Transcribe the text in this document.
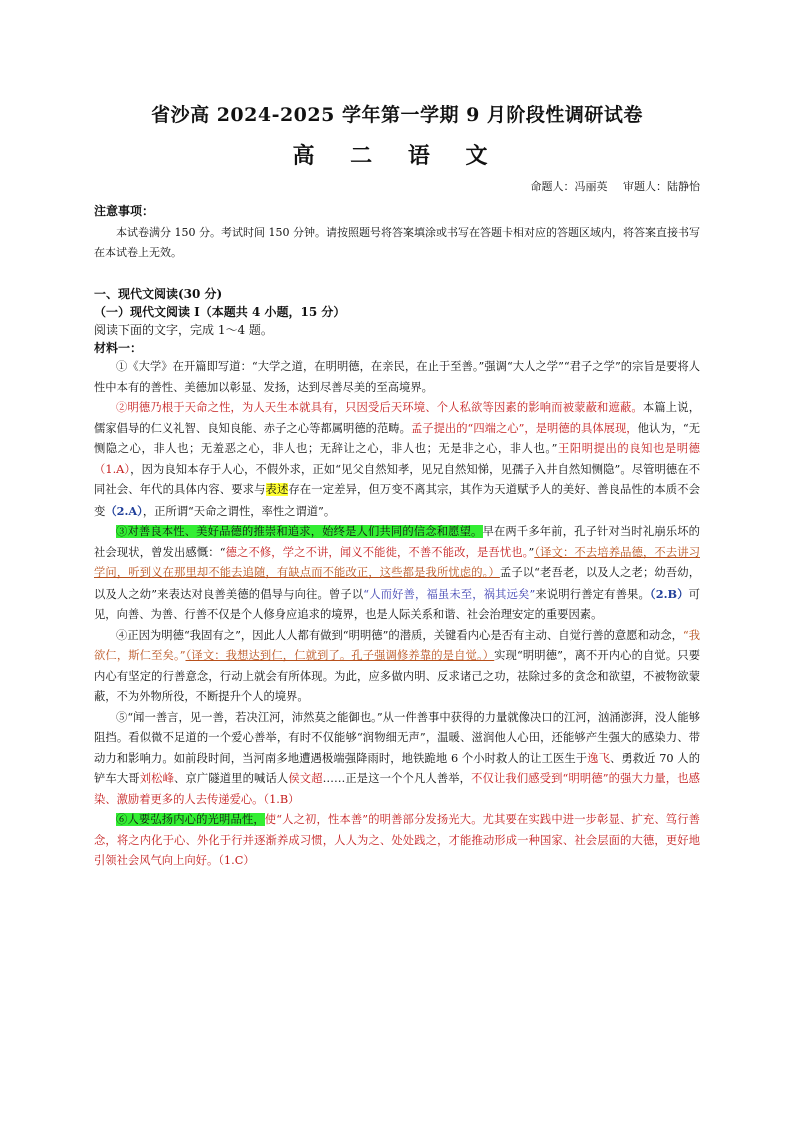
省沙高 2024-2025 学年第一学期 9 月阶段性调研试卷
高 二 语 文
命题人：冯丽英 审题人：陆静怡
注意事项：
本试卷满分 150 分。考试时间 150 分钟。请按照题号将答案填涂或书写在答题卡相对应的答题区域内，将答案直接书写在本试卷上无效。
一、现代文阅读(30 分)
（一）现代文阅读 I（本题共 4 小题，15 分）
阅读下面的文字，完成 1～4 题。
材料一：

①《大学》在开篇即写道：“大学之道，在明明德，在亲民，在止于至善。”强调“大人之学”“君子之学”的宗旨是要将人性中本有的善性、美德加以彰显、发扬，达到尽善尽美的至高境界。

②明德乃根于天命之性，为人天生本就具有，只因受后天环境、个人私欲等因素的影响而被蒙蔽和遮蔽。本篇上说，儒家倡导的仁义礼智、良知良能、赤子之心等都属明德的范畴。孟子提出的“四端之心”，是明德的具体展现，他认为，“无恻隐之心，非人也；无羞恶之心，非人也；无辞让之心，非人也；无是非之心，非人也。”王阳明提出的良知也是明德（1.A），因为良知本存于人心，不假外求，正如“见父自然知孝，见兄自然知悌，见孺子入井自然知恻隐”。尽管明德在不同社会、年代的具体内容、要求与表述存在一定差异，但万变不离其宗，其作为天道赋予人的美好、善良品性的本质不会变（2.A），正所谓“天命之谓性，率性之谓道”。

③对善良本性、美好品德的推崇和追求，始终是人们共同的信念和愿望。早在两千多年前，孔子针对当时礼崩乐坏的社会现状，曾发出感慨：“德之不修，学之不讲，闻义不能徙，不善不能改，是吾忧也。”（译文：不去培养品德，不去讲习学问，听到义在那里却不能去追随，有缺点而不能改正，这些都是我所忧虑的。）孟子以“老吾老，以及人之老；幼吾幼，以及人之幼”来表达对良善美德的倡导与向往。曾子以“人而好善，福虽未至，祸其远矣”来说明行善定有善果。（2.B）可见，向善、为善、行善不仅是个人修身应追求的境界，也是人际关系和谐、社会治理安定的重要因素。

④正因为明德“我固有之”，因此人人都有做到“明明德”的潜质，关键看内心是否有主动、自觉行善的意愿和动念，“我欲仁，斯仁至矣。”（译文：我想达到仁，仁就到了。孔子强调修养靠的是自觉。）实现“明明德”，离不开内心的自觉。只要内心有坚定的行善意念，行动上就会有所体现。为此，应多做内明、反求诸己之功，祛除过多的贪念和欲望，不被物欲蒙蔽，不为外物所役，不断提升个人的境界。

⑤“闻一善言，见一善，若决江河，沛然莫之能御也。”从一件善事中获得的力量就像决口的江河，汹涌澎湃，没人能够阻挡。看似微不足道的一个爱心善举，有时不仅能够“润物细无声”，温暖、滋润他人心田，还能够产生强大的感染力、带动力和影响力。如前段时间，当河南多地遭遇极端强降雨时，地铁跪地 6 个小时救人的让工医生于逸飞、勇救近 70 人的铲车大哥刘松峰、京广隧道里的喊话人侯文超……正是这一个个凡人善举，不仅让我们感受到“明明德”的强大力量，也感染、激励着更多的人去传递爱心。（1.B）

⑥人要弘扬内心的光明品性，使“人之初，性本善”的明善部分发扬光大。尤其要在实践中进一步彰显、扩充、笃行善念，将之内化于心、外化于行并逐渐养成习惯，人人为之、处处践之，才能推动形成一种国家、社会层面的大德，更好地引领社会风气向上向好。（1.C）
